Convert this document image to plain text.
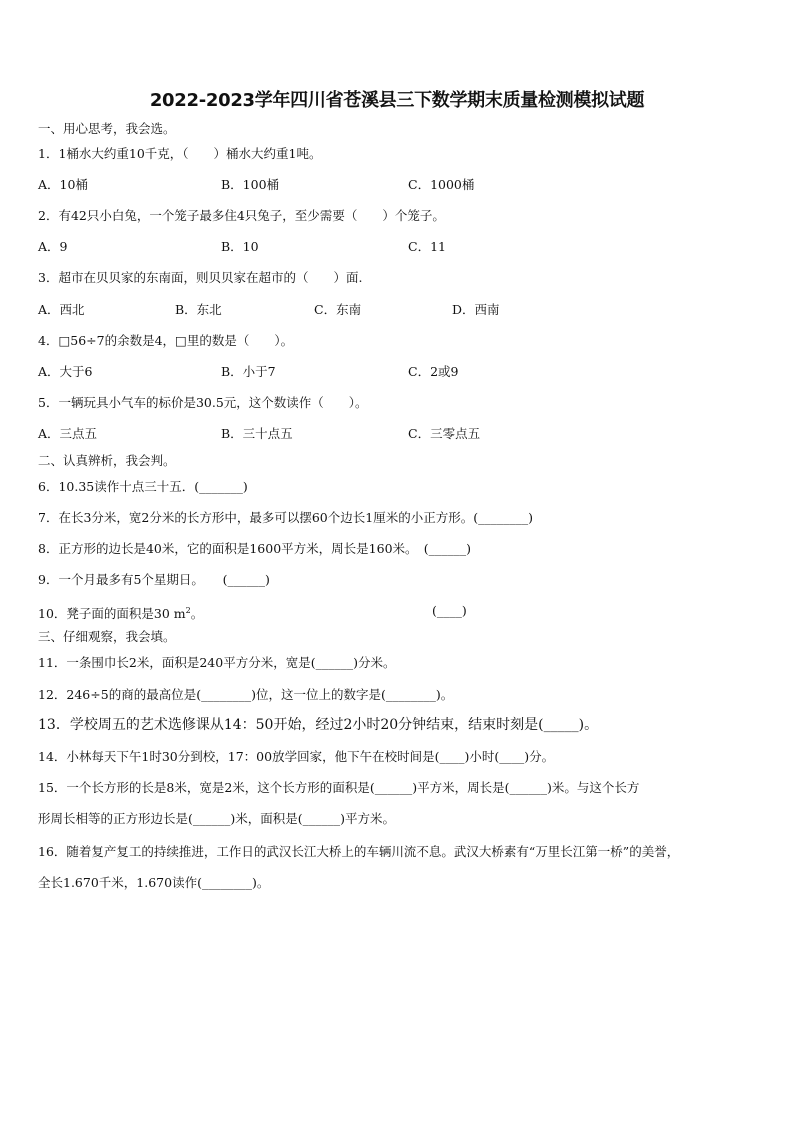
2022-2023学年四川省苍溪县三下数学期末质量检测模拟试题
一、用心思考，我会选。
1．1桶水大约重10千克，（　　）桶水大约重1吨。
A．10桶	B．100桶	C．1000桶
2．有42只小白兔，一个笼子最多住4只兔子，至少需要（　　）个笼子。
A．9	B．10	C．11
3．超市在贝贝家的东南面，则贝贝家在超市的（　　）面.
A．西北	B．东北	C．东南	D．西南
4．□56÷7的余数是4，□里的数是（　　）。
A．大于6	B．小于7	C．2或9
5．一辆玩具小气车的标价是30.5元，这个数读作（　　）。
A．三点五	B．三十点五	C．三零点五
二、认真辨析，我会判。
6．10.35读作十点三十五．(_______)
7．在长3分米，宽2分米的长方形中，最多可以摆60个边长1厘米的小正方形。(________)
8．正方形的边长是40米，它的面积是1600平方米，周长是160米。　(______)
9．一个月最多有5个星期日。　　(______)
10．凳子面的面积是30 $m^2$。	(____)
三、仔细观察，我会填。
11．一条围巾长2米，面积是240平方分米，宽是(______)分米。
12．246÷5的商的最高位是(________)位，这一位上的数字是(________)。
13．学校周五的艺术选修课从14：50开始，经过2小时20分钟结束，结束时刻是(_____)。
14．小林每天下午1时30分到校，17：00放学回家，他下午在校时间是(____)小时(____)分。
15．一个长方形的长是8米，宽是2米，这个长方形的面积是(______)平方米，周长是(______)米。与这个长方
形周长相等的正方形边长是(______)米，面积是(______)平方米。
16．随着复产复工的持续推进，工作日的武汉长江大桥上的车辆川流不息。武汉大桥素有“万里长江第一桥”的美誉，
全长1.670千米，1.670读作(________)。
